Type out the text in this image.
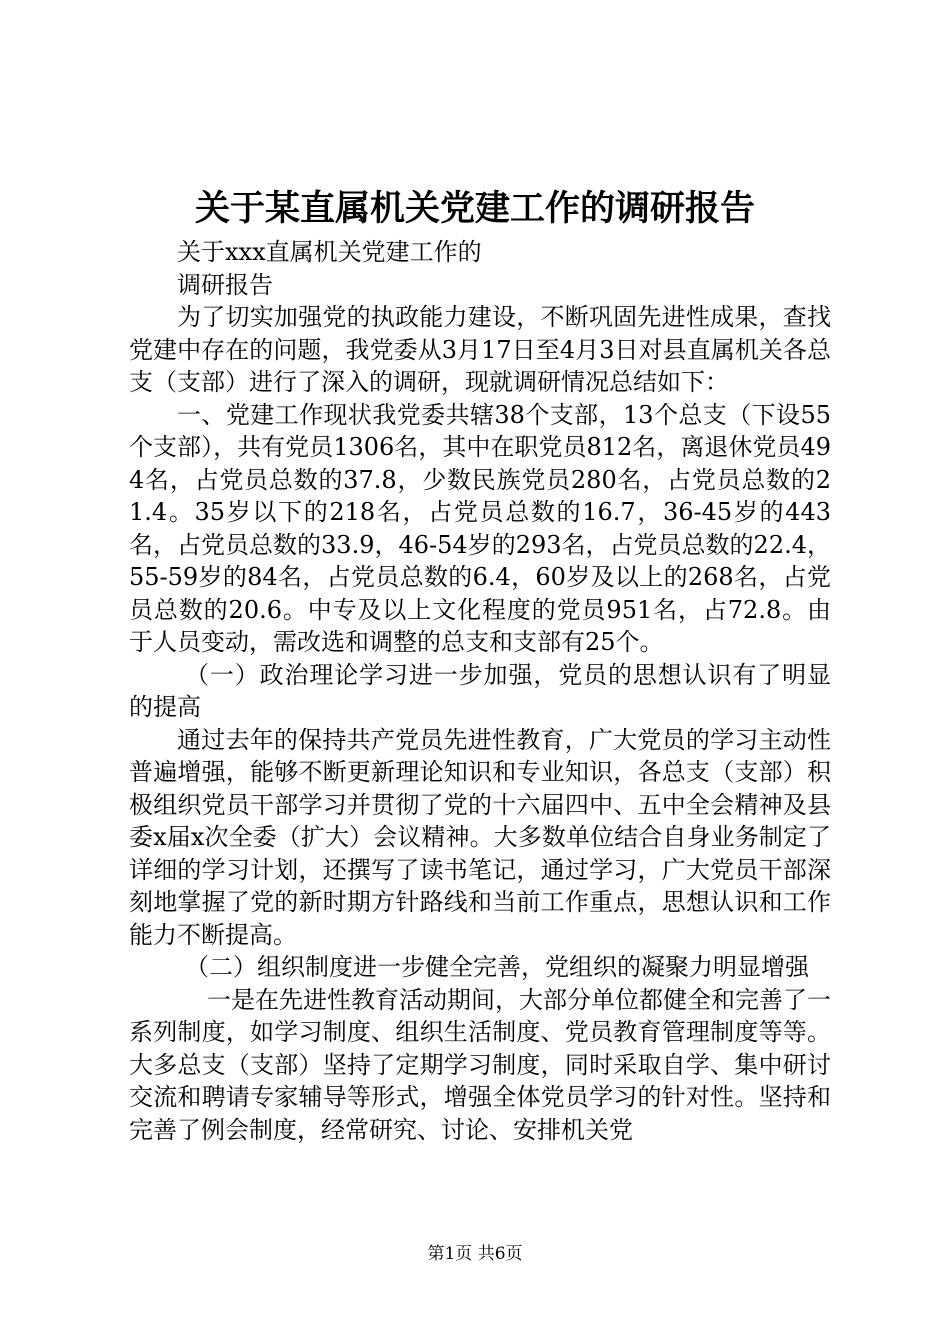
关于某直属机关党建工作的调研报告

关于xxx直属机关党建工作的

调研报告

为了切实加强党的执政能力建设，不断巩固先进性成果，查找党建中存在的问题，我党委从3月17日至4月3日对县直属机关各总支（支部）进行了深入的调研，现就调研情况总结如下：

一、党建工作现状我党委共辖38个支部，13个总支（下设55个支部），共有党员1306名，其中在职党员812名，离退休党员494名，占党员总数的37.8，少数民族党员280名，占党员总数的21.4。35岁以下的218名，占党员总数的16.7，36-45岁的443名，占党员总数的33.9，46-54岁的293名，占党员总数的22.4，55-59岁的84名，占党员总数的6.4，60岁及以上的268名，占党员总数的20.6。中专及以上文化程度的党员951名，占72.8。由于人员变动，需改选和调整的总支和支部有25个。

（一）政治理论学习进一步加强，党员的思想认识有了明显的提高

通过去年的保持共产党员先进性教育，广大党员的学习主动性普遍增强，能够不断更新理论知识和专业知识，各总支（支部）积极组织党员干部学习并贯彻了党的十六届四中、五中全会精神及县委x届x次全委（扩大）会议精神。大多数单位结合自身业务制定了详细的学习计划，还撰写了读书笔记，通过学习，广大党员干部深刻地掌握了党的新时期方针路线和当前工作重点，思想认识和工作能力不断提高。

（二）组织制度进一步健全完善，党组织的凝聚力明显增强

一是在先进性教育活动期间，大部分单位都健全和完善了一系列制度，如学习制度、组织生活制度、党员教育管理制度等等。大多总支（支部）坚持了定期学习制度，同时采取自学、集中研讨交流和聘请专家辅导等形式，增强全体党员学习的针对性。坚持和完善了例会制度，经常研究、讨论、安排机关党

第1页 共6页
